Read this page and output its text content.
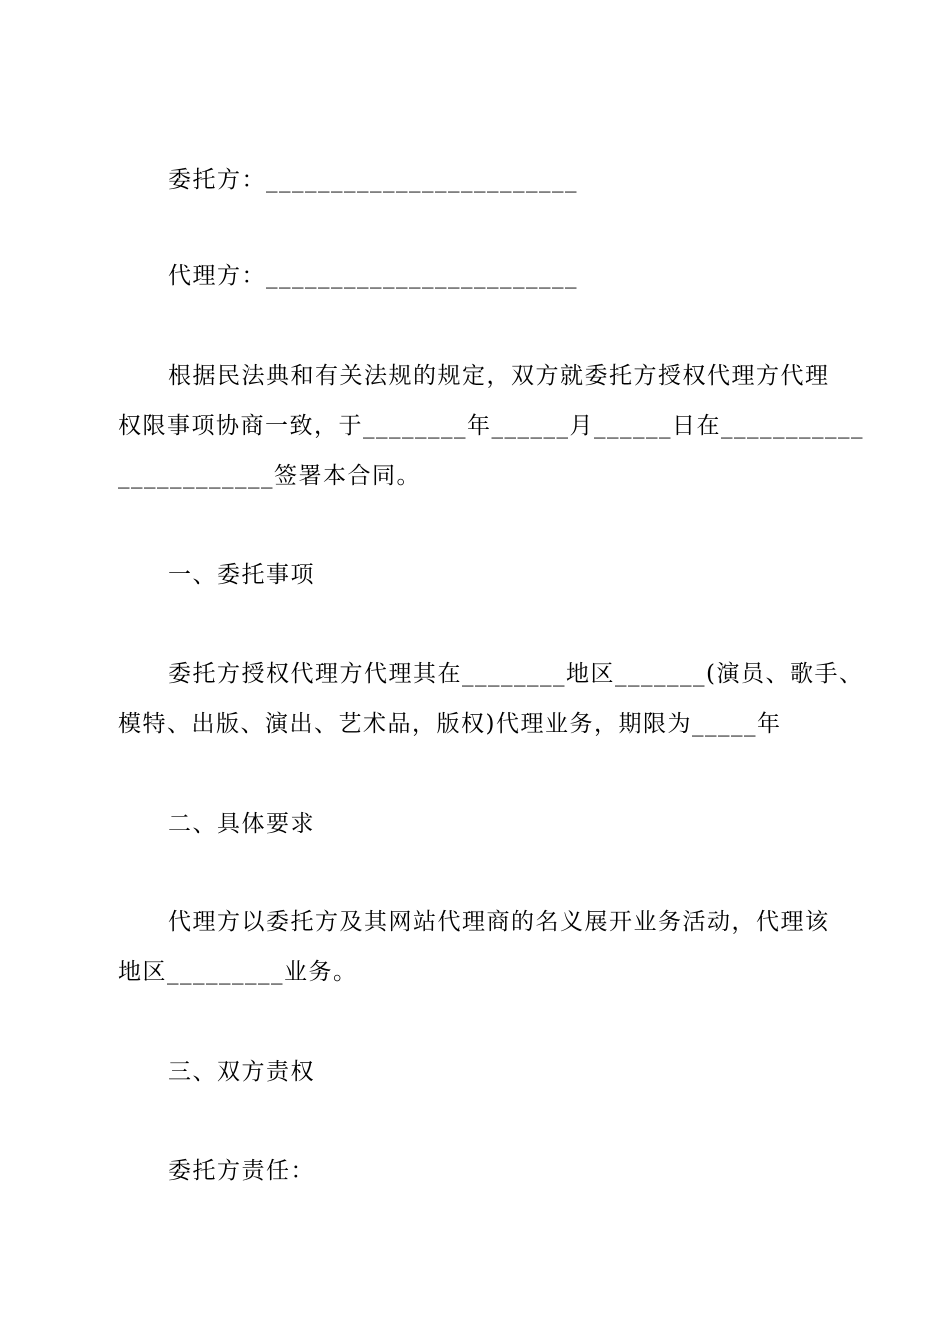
委托方：________________________
代理方：________________________
根据民法典和有关法规的规定，双方就委托方授权代理方代理
权限事项协商一致，于________年______月______日在___________
____________签署本合同。
一、委托事项
委托方授权代理方代理其在________地区_______(演员、歌手、
模特、出版、演出、艺术品，版权)代理业务，期限为_____年
二、具体要求
代理方以委托方及其网站代理商的名义展开业务活动，代理该
地区_________业务。
三、双方责权
委托方责任：
